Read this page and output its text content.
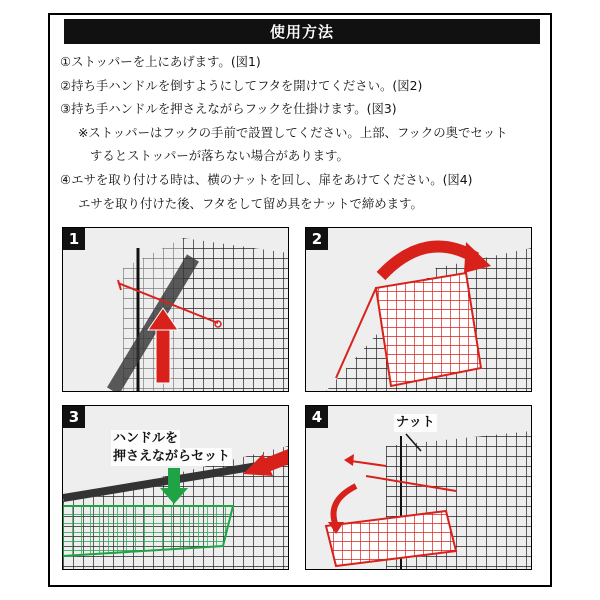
使用方法
①ストッパーを上にあげます。(図1)
②持ち手ハンドルを倒すようにしてフタを開けてください。(図2)
③持ち手ハンドルを押さえながらフックを仕掛けます。(図3)
※ストッパーはフックの手前で設置してください。上部、フックの奥でセット
するとストッパーが落ちない場合があります。
④エサを取り付ける時は、横のナットを回し、扉をあけてください。(図4)
エサを取り付けた後、フタをして留め具をナットで締めます。
1	2
3
ハンドルを
押さえながらセット
4	ナット
